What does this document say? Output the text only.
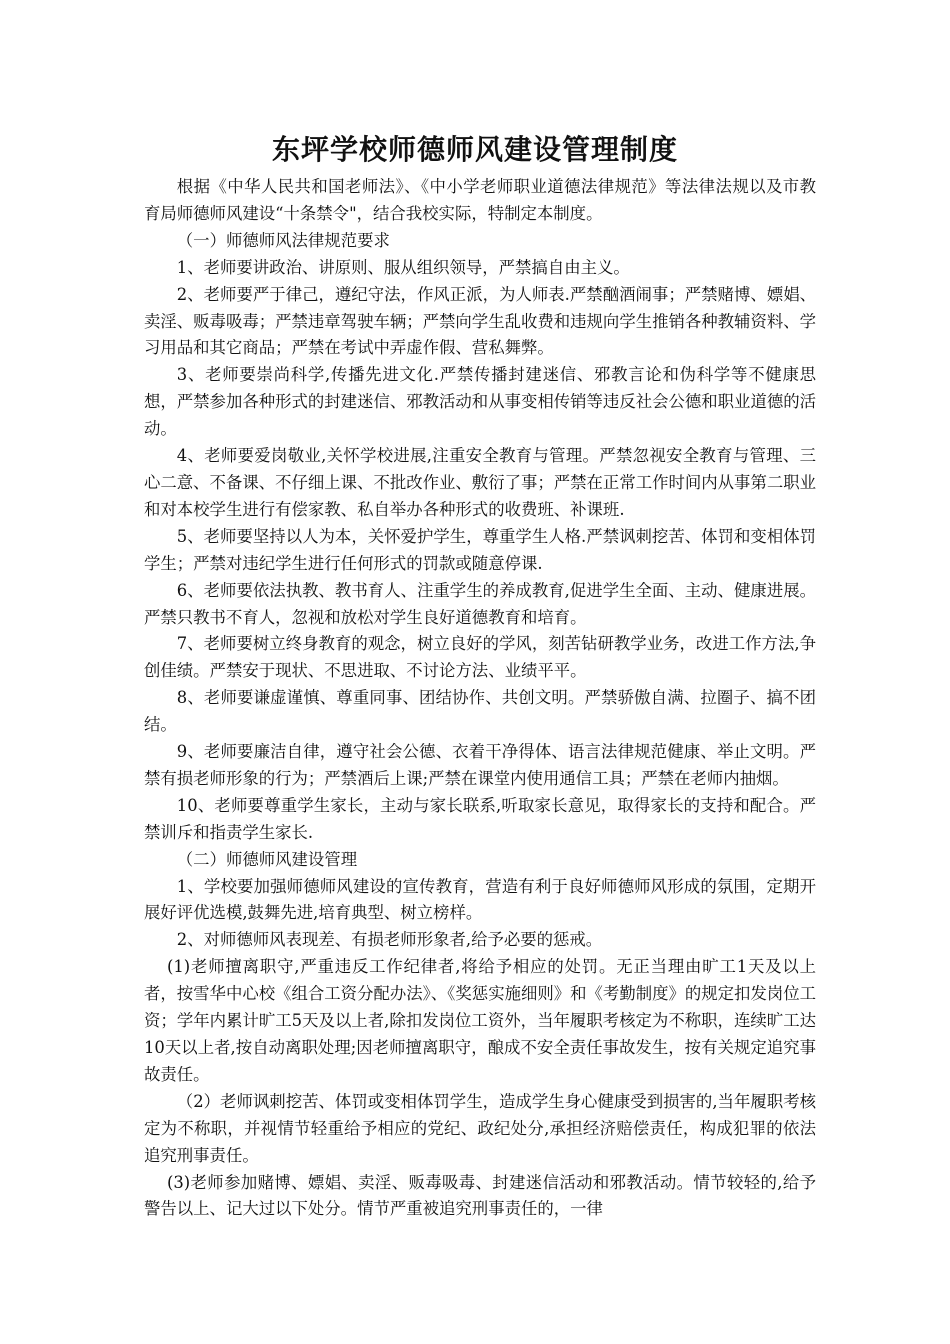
东坪学校师德师风建设管理制度

根据《中华人民共和国老师法》、《中小学老师职业道德法律规范》等法律法规以及市教育局师德师风建设“十条禁令"，结合我校实际，特制定本制度。

（一）师德师风法律规范要求

1、老师要讲政治、讲原则、服从组织领导，严禁搞自由主义。

2、老师要严于律己，遵纪守法，作风正派，为人师表.严禁酗酒闹事；严禁赌博、嫖娼、卖淫、贩毒吸毒；严禁违章驾驶车辆；严禁向学生乱收费和违规向学生推销各种教辅资料、学习用品和其它商品；严禁在考试中弄虚作假、营私舞弊。

3、老师要崇尚科学,传播先进文化.严禁传播封建迷信、邪教言论和伪科学等不健康思想，严禁参加各种形式的封建迷信、邪教活动和从事变相传销等违反社会公德和职业道德的活动。

4、老师要爱岗敬业,关怀学校进展,注重安全教育与管理。严禁忽视安全教育与管理、三心二意、不备课、不仔细上课、不批改作业、敷衍了事；严禁在正常工作时间内从事第二职业和对本校学生进行有偿家教、私自举办各种形式的收费班、补课班.

5、老师要坚持以人为本，关怀爱护学生，尊重学生人格.严禁讽刺挖苦、体罚和变相体罚学生；严禁对违纪学生进行任何形式的罚款或随意停课.

6、老师要依法执教、教书育人、注重学生的养成教育,促进学生全面、主动、健康进展。严禁只教书不育人，忽视和放松对学生良好道德教育和培育。

7、老师要树立终身教育的观念，树立良好的学风，刻苦钻研教学业务，改进工作方法,争创佳绩。严禁安于现状、不思进取、不讨论方法、业绩平平。

8、老师要谦虚谨慎、尊重同事、团结协作、共创文明。严禁骄傲自满、拉圈子、搞不团结。

9、老师要廉洁自律，遵守社会公德、衣着干净得体、语言法律规范健康、举止文明。严禁有损老师形象的行为；严禁酒后上课;严禁在课堂内使用通信工具；严禁在老师内抽烟。

10、老师要尊重学生家长，主动与家长联系,听取家长意见，取得家长的支持和配合。严禁训斥和指责学生家长.

（二）师德师风建设管理

1、学校要加强师德师风建设的宣传教育，营造有利于良好师德师风形成的氛围，定期开展好评优选模,鼓舞先进,培育典型、树立榜样。

2、对师德师风表现差、有损老师形象者,给予必要的惩戒。

(1)老师擅离职守,严重违反工作纪律者,将给予相应的处罚。无正当理由旷工1天及以上者，按雪华中心校《组合工资分配办法》、《奖惩实施细则》和《考勤制度》的规定扣发岗位工资；学年内累计旷工5天及以上者,除扣发岗位工资外，当年履职考核定为不称职，连续旷工达10天以上者,按自动离职处理;因老师擅离职守，酿成不安全责任事故发生，按有关规定追究事故责任。

（2）老师讽刺挖苦、体罚或变相体罚学生，造成学生身心健康受到损害的,当年履职考核定为不称职，并视情节轻重给予相应的党纪、政纪处分,承担经济赔偿责任，构成犯罪的依法追究刑事责任。

(3)老师参加赌博、嫖娼、卖淫、贩毒吸毒、封建迷信活动和邪教活动。情节较轻的,给予警告以上、记大过以下处分。情节严重被追究刑事责任的，一律
